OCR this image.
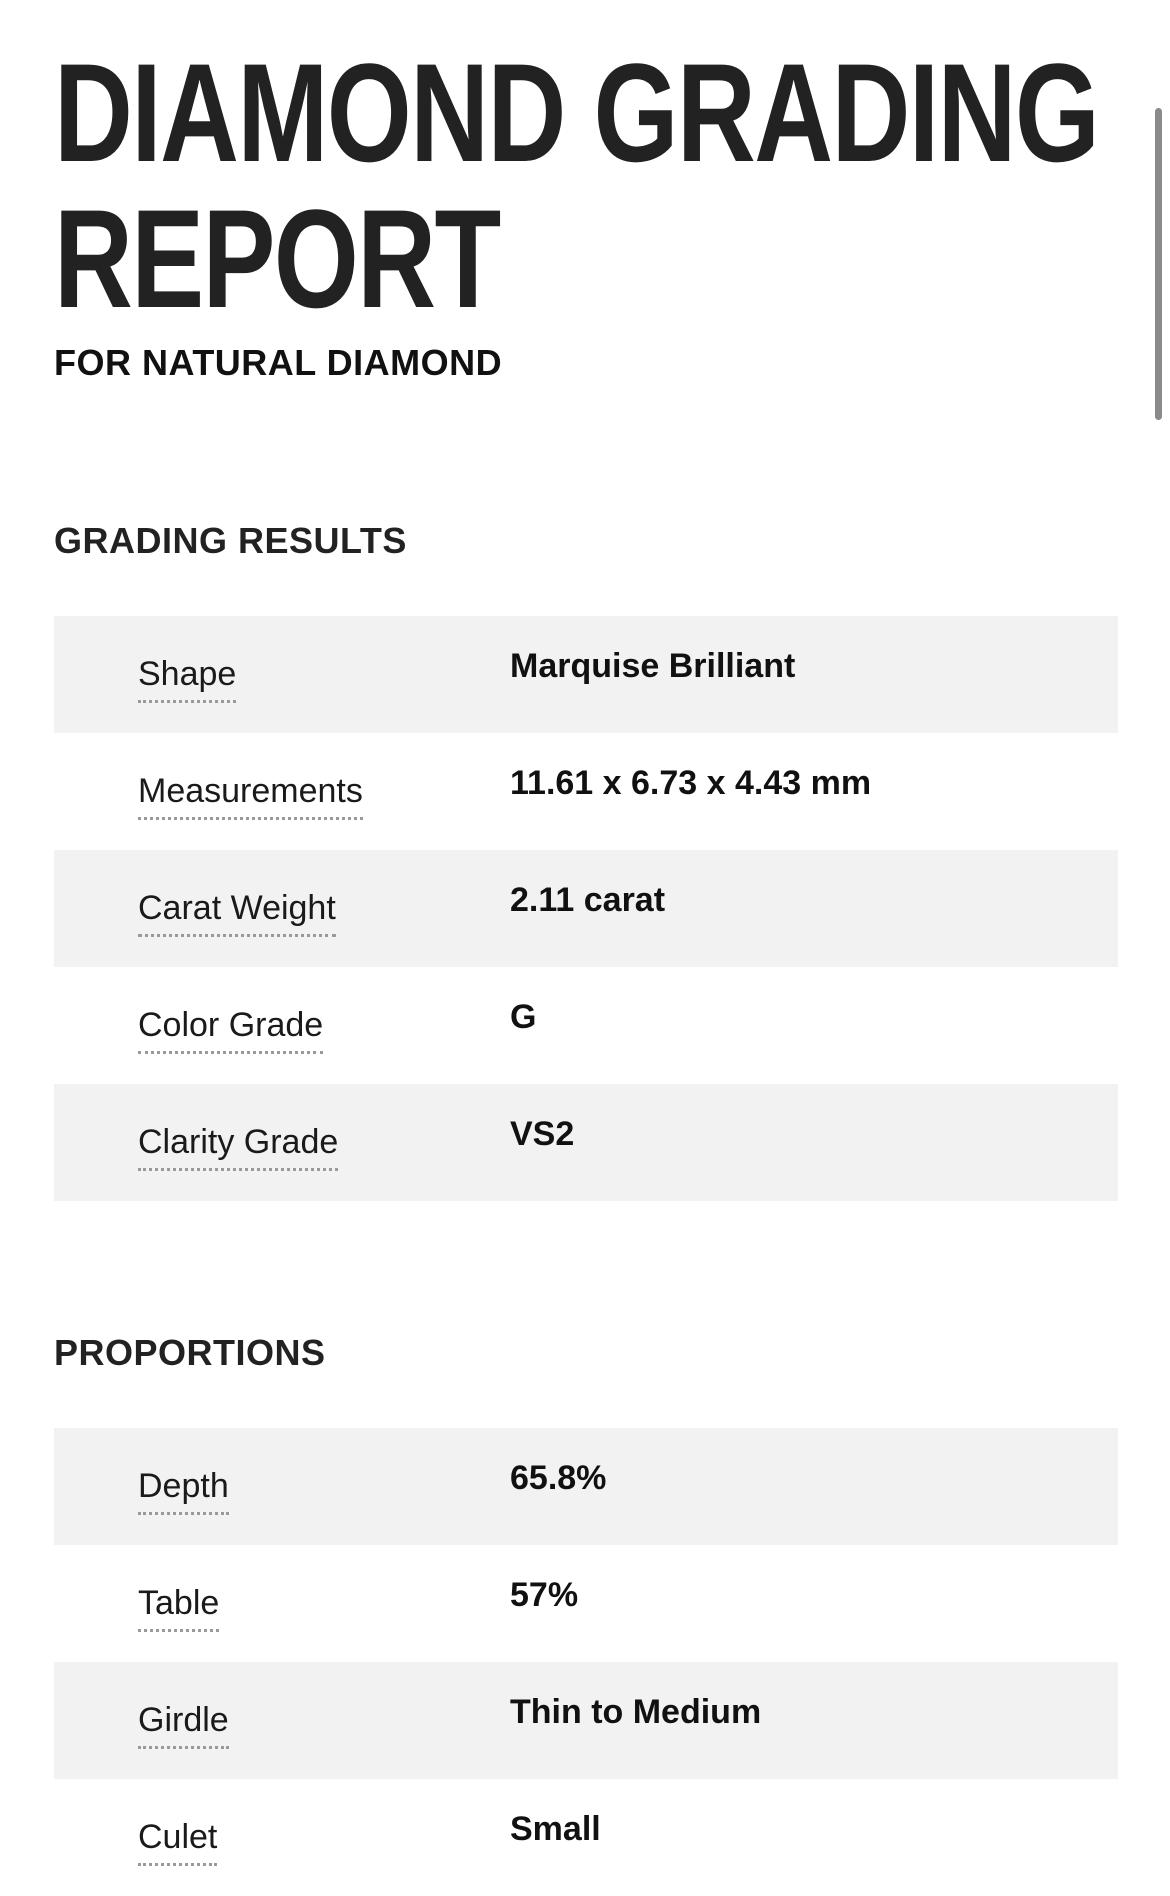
DIAMOND GRADING
REPORT
FOR NATURAL DIAMOND
GRADING RESULTS
Shape	Marquise Brilliant
Measurements	11.61 x 6.73 x 4.43 mm
Carat Weight	2.11 carat
Color Grade	G
Clarity Grade	VS2
PROPORTIONS
Depth	65.8%
Table	57%
Girdle	Thin to Medium
Culet	Small
